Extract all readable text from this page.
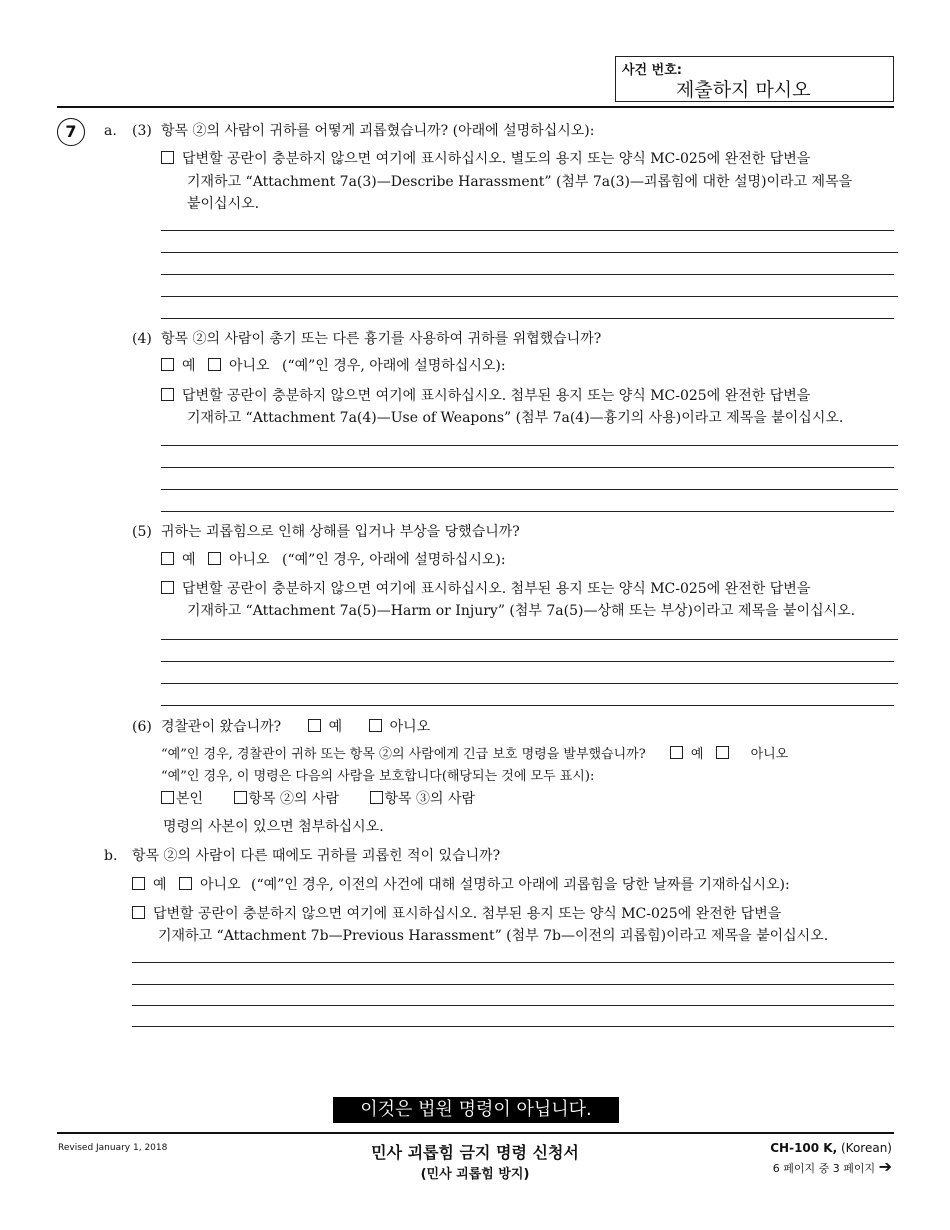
사건 번호:
제출하지 마시오
7	a. (3) 항목 ②의 사람이 귀하를 어떻게 괴롭혔습니까? (아래에 설명하십시오):
답변할 공란이 충분하지 않으면 여기에 표시하십시오. 별도의 용지 또는 양식 MC-025에 완전한 답변을
기재하고 “Attachment 7a(3)—Describe Harassment” (첨부 7a(3)—괴롭힘에 대한 설명)이라고 제목을
붙이십시오.
(4) 항목 ②의 사람이 총기 또는 다른 흉기를 사용하여 귀하를 위협했습니까?
예 아니오 (“예”인 경우, 아래에 설명하십시오):
답변할 공란이 충분하지 않으면 여기에 표시하십시오. 첨부된 용지 또는 양식 MC-025에 완전한 답변을
기재하고 “Attachment 7a(4)—Use of Weapons” (첨부 7a(4)—흉기의 사용)이라고 제목을 붙이십시오.
(5) 귀하는 괴롭힘으로 인해 상해를 입거나 부상을 당했습니까?
예 아니오 (“예”인 경우, 아래에 설명하십시오):
답변할 공란이 충분하지 않으면 여기에 표시하십시오. 첨부된 용지 또는 양식 MC-025에 완전한 답변을
기재하고 “Attachment 7a(5)—Harm or Injury” (첨부 7a(5)—상해 또는 부상)이라고 제목을 붙이십시오.
(6) 경찰관이 왔습니까?	예	아니오
“예”인 경우, 경찰관이 귀하 또는 항목 ②의 사람에게 긴급 보호 명령을 발부했습니까?	예	아니오
“예”인 경우, 이 명령은 다음의 사람을 보호합니다(해당되는 것에 모두 표시):
본인	항목 ②의 사람	항목 ③의 사람
명령의 사본이 있으면 첨부하십시오.
b. 항목 ②의 사람이 다른 때에도 귀하를 괴롭힌 적이 있습니까?
예 아니오 (“예”인 경우, 이전의 사건에 대해 설명하고 아래에 괴롭힘을 당한 날짜를 기재하십시오):
답변할 공란이 충분하지 않으면 여기에 표시하십시오. 첨부된 용지 또는 양식 MC-025에 완전한 답변을
기재하고 “Attachment 7b—Previous Harassment” (첨부 7b—이전의 괴롭힘)이라고 제목을 붙이십시오.
이것은 법원 명령이 아닙니다.
Revised January 1, 2018	민사 괴롭힘 금지 명령 신청서
(민사 괴롭힘 방지)
CH-100 K, (Korean)
6 페이지 중 3 페이지 ➔
